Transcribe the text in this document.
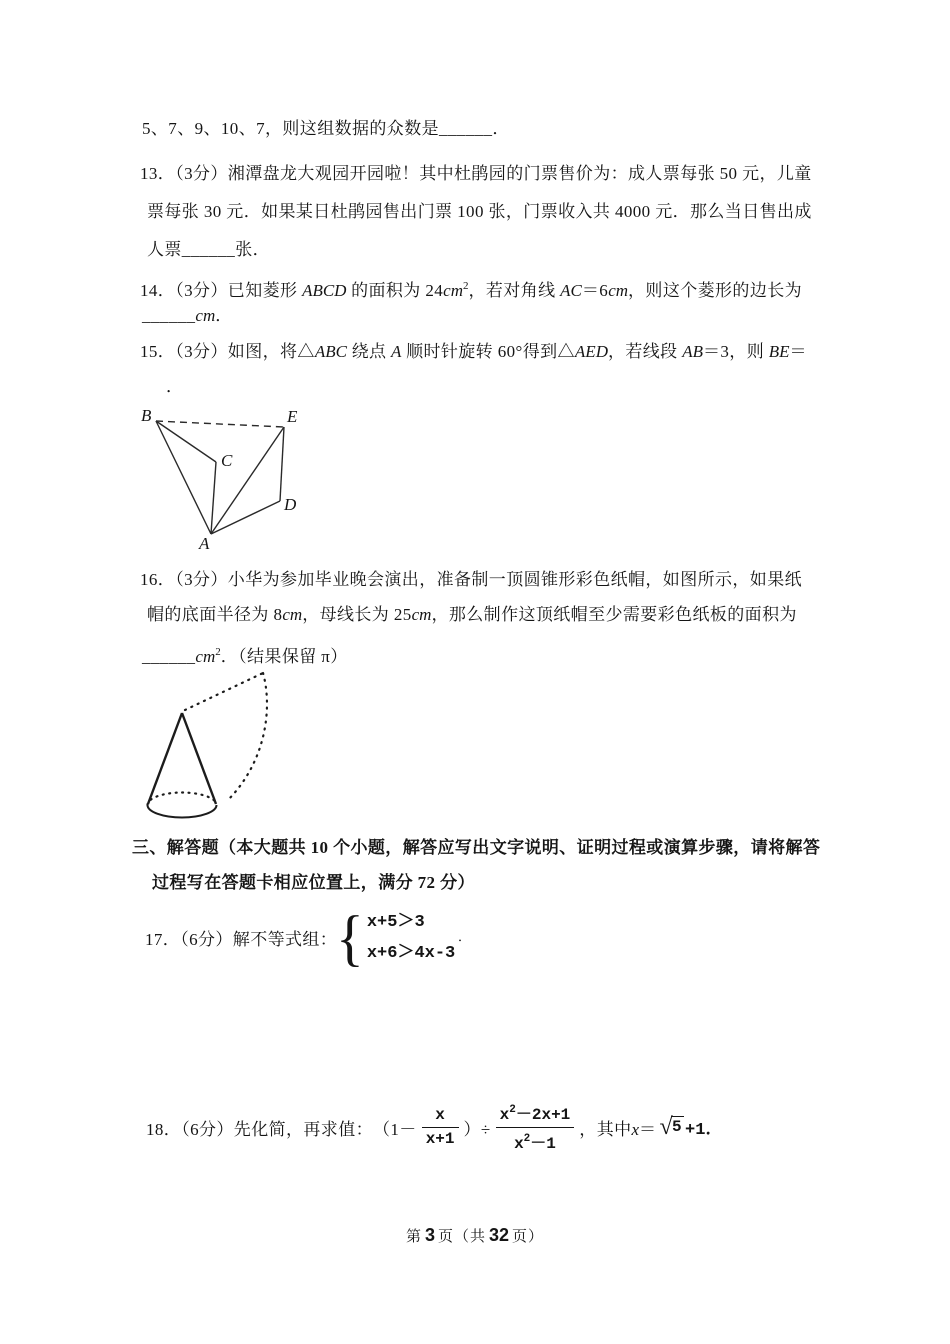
5、7、9、10、7，则这组数据的众数是______．

13．（3分）湘潭盘龙大观园开园啦！其中杜鹃园的门票售价为：成人票每张 50 元，儿童

票每张 30 元．如果某日杜鹃园售出门票 100 张，门票收入共 4000 元．那么当日售出成

人票______张．

14．（3分）已知菱形 ABCD 的面积为 $24cm^2$，若对角线 AC＝6cm，则这个菱形的边长为

______cm．

15．（3分）如图，将△ABC 绕点 A 顺时针旋转 60°得到△AED，若线段 AB＝3，则 BE＝

．

B	E
C
D
A

16．（3分）小华为参加毕业晚会演出，准备制一顶圆锥形彩色纸帽，如图所示，如果纸

帽的底面半径为 8cm，母线长为 25cm，那么制作这顶纸帽至少需要彩色纸板的面积为

$\_\_\_\_\_\_cm^2$．（结果保留 π）

三、解答题（本大题共 10 个小题，解答应写出文字说明、证明过程或演算步骤，请将解答

过程写在答题卡相应位置上，满分 72 分）

17．（6分）解不等式组：

{ x+5＞3
x+6＞4x-3
．
18．（6分）先化简，再求值： （$1- \frac{x}{x+1}$ ）÷ $\frac{x^2-2x+1}{x^2-1}$ ，其中 x＝ √ 5 +1．
第 3 页（共 32 页）
